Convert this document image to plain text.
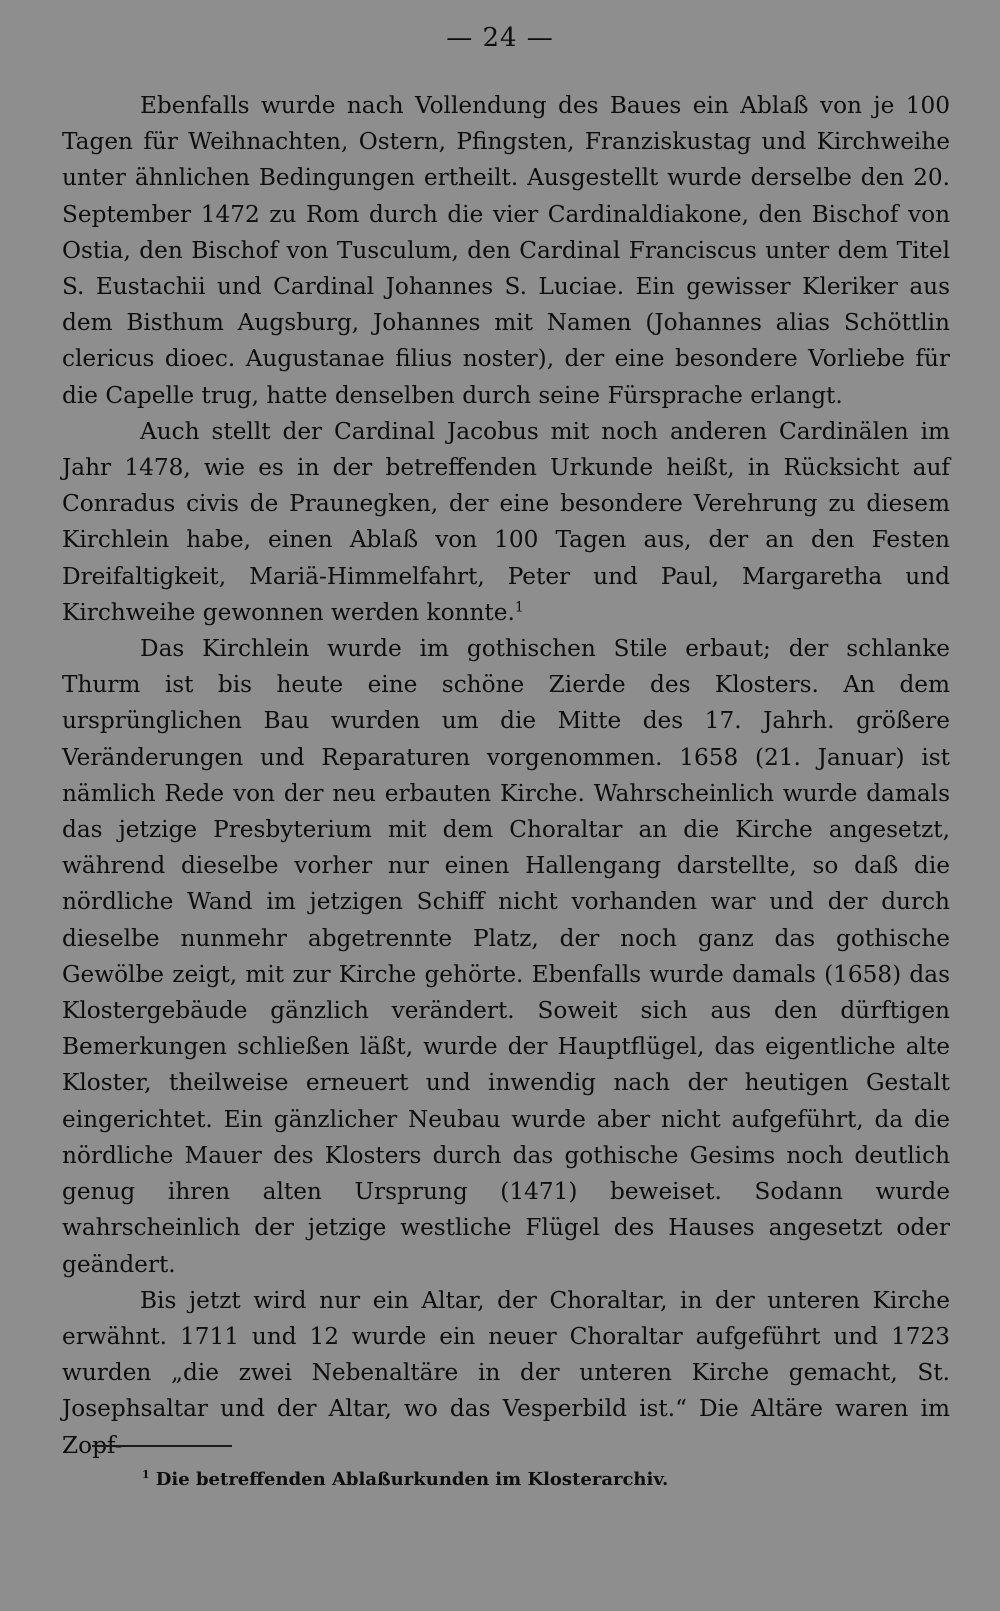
— 24 —

Ebenfalls wurde nach Vollendung des Baues ein Ablaß von je 100 Tagen für Weihnachten, Ostern, Pfingsten, Franziskustag und Kirchweihe unter ähnlichen Bedingungen ertheilt. Ausgestellt wurde derselbe den 20. September 1472 zu Rom durch die vier Cardinaldiakone, den Bischof von Ostia, den Bischof von Tusculum, den Cardinal Franciscus unter dem Titel S. Eustachii und Cardinal Johannes S. Luciae. Ein gewisser Kleriker aus dem Bisthum Augsburg, Johannes mit Namen (Johannes alias Schöttlin clericus dioec. Augustanae filius noster), der eine besondere Vorliebe für die Capelle trug, hatte denselben durch seine Fürsprache erlangt.

Auch stellt der Cardinal Jacobus mit noch anderen Cardinälen im Jahr 1478, wie es in der betreffenden Urkunde heißt, in Rücksicht auf Conradus civis de Praunegken, der eine besondere Verehrung zu diesem Kirchlein habe, einen Ablaß von 100 Tagen aus, der an den Festen Dreifaltigkeit, Mariä-Himmelfahrt, Peter und Paul, Margaretha und Kirchweihe gewonnen werden konnte.$^1$

Das Kirchlein wurde im gothischen Stile erbaut; der schlanke Thurm ist bis heute eine schöne Zierde des Klosters. An dem ursprünglichen Bau wurden um die Mitte des 17. Jahrh. größere Veränderungen und Reparaturen vorgenommen. 1658 (21. Januar) ist nämlich Rede von der neu erbauten Kirche. Wahrscheinlich wurde damals das jetzige Presbyterium mit dem Choraltar an die Kirche angesetzt, während dieselbe vorher nur einen Hallengang darstellte, so daß die nördliche Wand im jetzigen Schiff nicht vorhanden war und der durch dieselbe nunmehr abgetrennte Platz, der noch ganz das gothische Gewölbe zeigt, mit zur Kirche gehörte. Ebenfalls wurde damals (1658) das Klostergebäude gänzlich verändert. Soweit sich aus den dürftigen Bemerkungen schließen läßt, wurde der Hauptflügel, das eigentliche alte Kloster, theilweise erneuert und inwendig nach der heutigen Gestalt eingerichtet. Ein gänzlicher Neubau wurde aber nicht aufgeführt, da die nördliche Mauer des Klosters durch das gothische Gesims noch deutlich genug ihren alten Ursprung (1471) beweiset. Sodann wurde wahrscheinlich der jetzige westliche Flügel des Hauses angesetzt oder geändert.

Bis jetzt wird nur ein Altar, der Choraltar, in der unteren Kirche erwähnt. 1711 und 12 wurde ein neuer Choraltar aufgeführt und 1723 wurden „die zwei Nebenaltäre in der unteren Kirche gemacht, St. Josephsaltar und der Altar, wo das Vesperbild ist.“ Die Altäre waren im Zopf-

$^1$ Die betreffenden Ablaßurkunden im Klosterarchiv.
